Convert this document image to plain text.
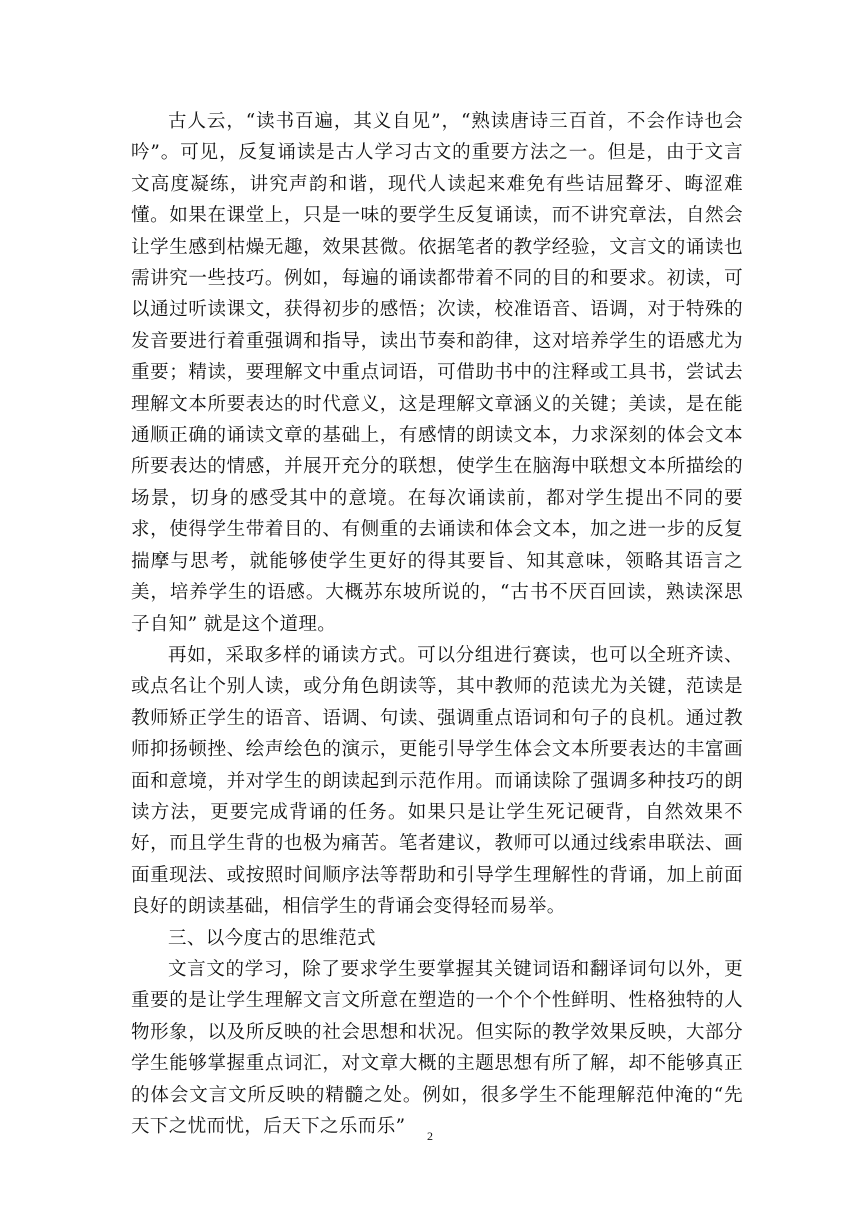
古人云，“读书百遍，其义自见”，“熟读唐诗三百首，不会作诗也会吟”。可见，反复诵读是古人学习古文的重要方法之一。但是，由于文言文高度凝练，讲究声韵和谐，现代人读起来难免有些诘屈聱牙、晦涩难懂。如果在课堂上，只是一味的要学生反复诵读，而不讲究章法，自然会让学生感到枯燥无趣，效果甚微。依据笔者的教学经验，文言文的诵读也需讲究一些技巧。例如，每遍的诵读都带着不同的目的和要求。初读，可以通过听读课文，获得初步的感悟；次读，校准语音、语调，对于特殊的发音要进行着重强调和指导，读出节奏和韵律，这对培养学生的语感尤为重要；精读，要理解文中重点词语，可借助书中的注释或工具书，尝试去理解文本所要表达的时代意义，这是理解文章涵义的关键；美读，是在能通顺正确的诵读文章的基础上，有感情的朗读文本，力求深刻的体会文本所要表达的情感，并展开充分的联想，使学生在脑海中联想文本所描绘的场景，切身的感受其中的意境。在每次诵读前，都对学生提出不同的要求，使得学生带着目的、有侧重的去诵读和体会文本，加之进一步的反复揣摩与思考，就能够使学生更好的得其要旨、知其意味，领略其语言之美，培养学生的语感。大概苏东坡所说的，“古书不厌百回读，熟读深思子自知” 就是这个道理。

再如，采取多样的诵读方式。可以分组进行赛读，也可以全班齐读、或点名让个别人读，或分角色朗读等，其中教师的范读尤为关键，范读是教师矫正学生的语音、语调、句读、强调重点语词和句子的良机。通过教师抑扬顿挫、绘声绘色的演示，更能引导学生体会文本所要表达的丰富画面和意境，并对学生的朗读起到示范作用。而诵读除了强调多种技巧的朗读方法，更要完成背诵的任务。如果只是让学生死记硬背，自然效果不好，而且学生背的也极为痛苦。笔者建议，教师可以通过线索串联法、画面重现法、或按照时间顺序法等帮助和引导学生理解性的背诵，加上前面良好的朗读基础，相信学生的背诵会变得轻而易举。

三、以今度古的思维范式

文言文的学习，除了要求学生要掌握其关键词语和翻译词句以外，更重要的是让学生理解文言文所意在塑造的一个个个性鲜明、性格独特的人物形象，以及所反映的社会思想和状况。但实际的教学效果反映，大部分学生能够掌握重点词汇，对文章大概的主题思想有所了解，却不能够真正的体会文言文所反映的精髓之处。例如，很多学生不能理解范仲淹的“先天下之忧而忧，后天下之乐而乐”	2
